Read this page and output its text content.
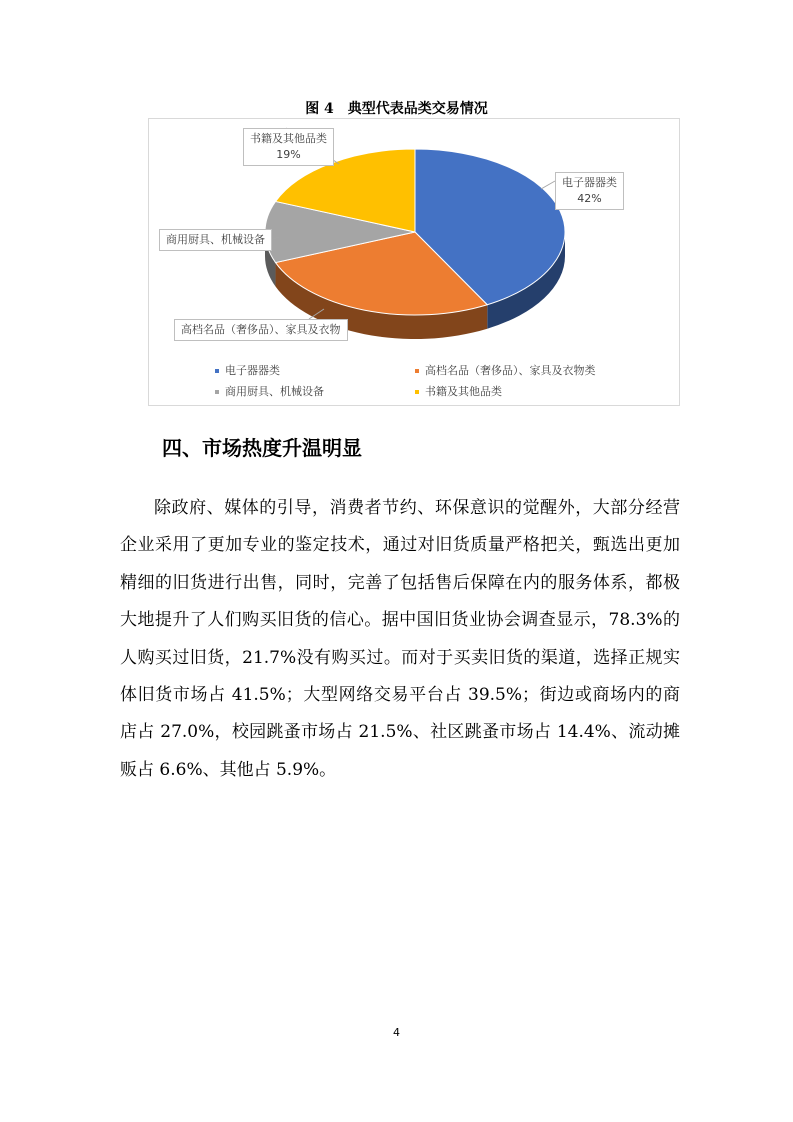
图 4　典型代表品类交易情况
书籍及其他品类
19%
电子器器类
42%
商用厨具、机械设备
高档名品（奢侈品）、家具及衣物
电子器器类	高档名品（奢侈品）、家具及衣物类
商用厨具、机械设备	书籍及其他品类
四、市场热度升温明显
除政府、媒体的引导，消费者节约、环保意识的觉醒外，大部分经营企业采用了更加专业的鉴定技术，通过对旧货质量严格把关，甄选出更加精细的旧货进行出售，同时，完善了包括售后保障在内的服务体系，都极大地提升了人们购买旧货的信心。据中国旧货业协会调查显示，78.3%的人购买过旧货，21.7%没有购买过。而对于买卖旧货的渠道，选择正规实体旧货市场占 41.5%；大型网络交易平台占 39.5%；街边或商场内的商店占 27.0%，校园跳蚤市场占 21.5%、社区跳蚤市场占 14.4%、流动摊贩占 6.6%、其他占 5.9%。
4
